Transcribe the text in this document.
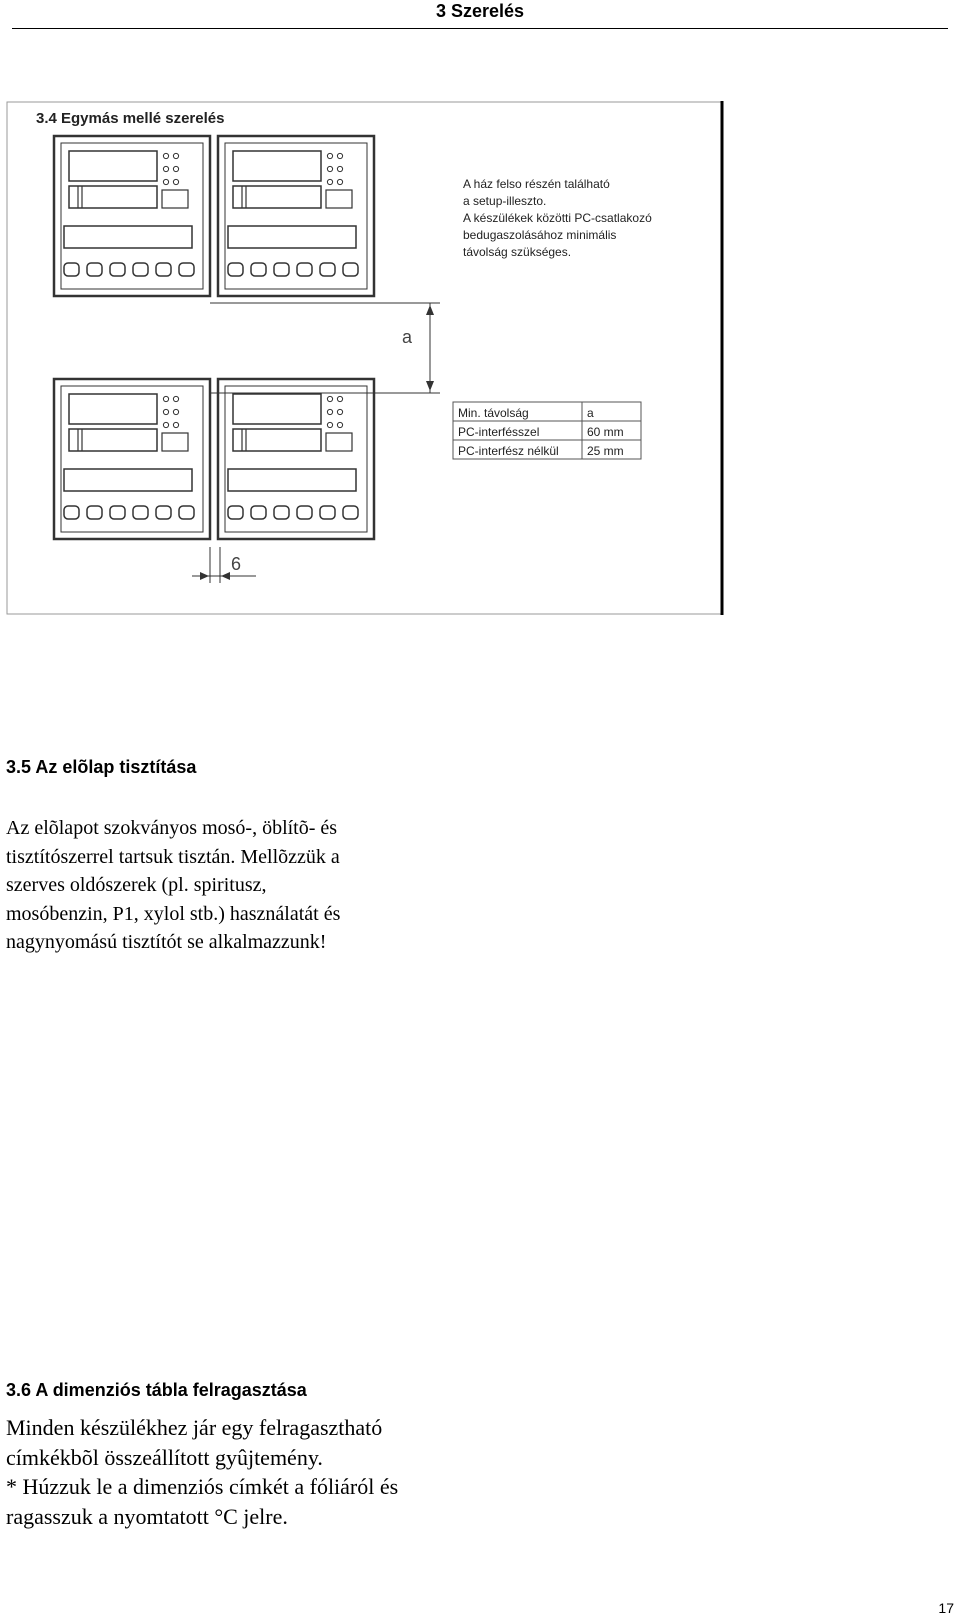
3 Szerelés
3.4 Egymás mellé szerelés
a
6
A ház felso részén található
a setup-illeszto.
A készülékek közötti PC-csatlakozó
bedugaszolásához minimális
távolság szükséges.
Min. távolság	a
PC-interfésszel	60 mm
PC-interfész nélkül 25 mm
3.5 Az elõlap tisztítása

Az elõlapot szokványos mosó-, öblítõ- és
tisztítószerrel tartsuk tisztán. Mellõzzük a
szerves oldószerek (pl. spiritusz,
mosóbenzin, P1, xylol stb.) használatát és
nagynyomású tisztítót se alkalmazzunk!

3.6 A dimenziós tábla felragasztása

Minden készülékhez jár egy felragasztható
címkékbõl összeállított gyûjtemény.
* Húzzuk le a dimenziós címkét a fóliáról és
ragasszuk a nyomtatott °C jelre.

17
